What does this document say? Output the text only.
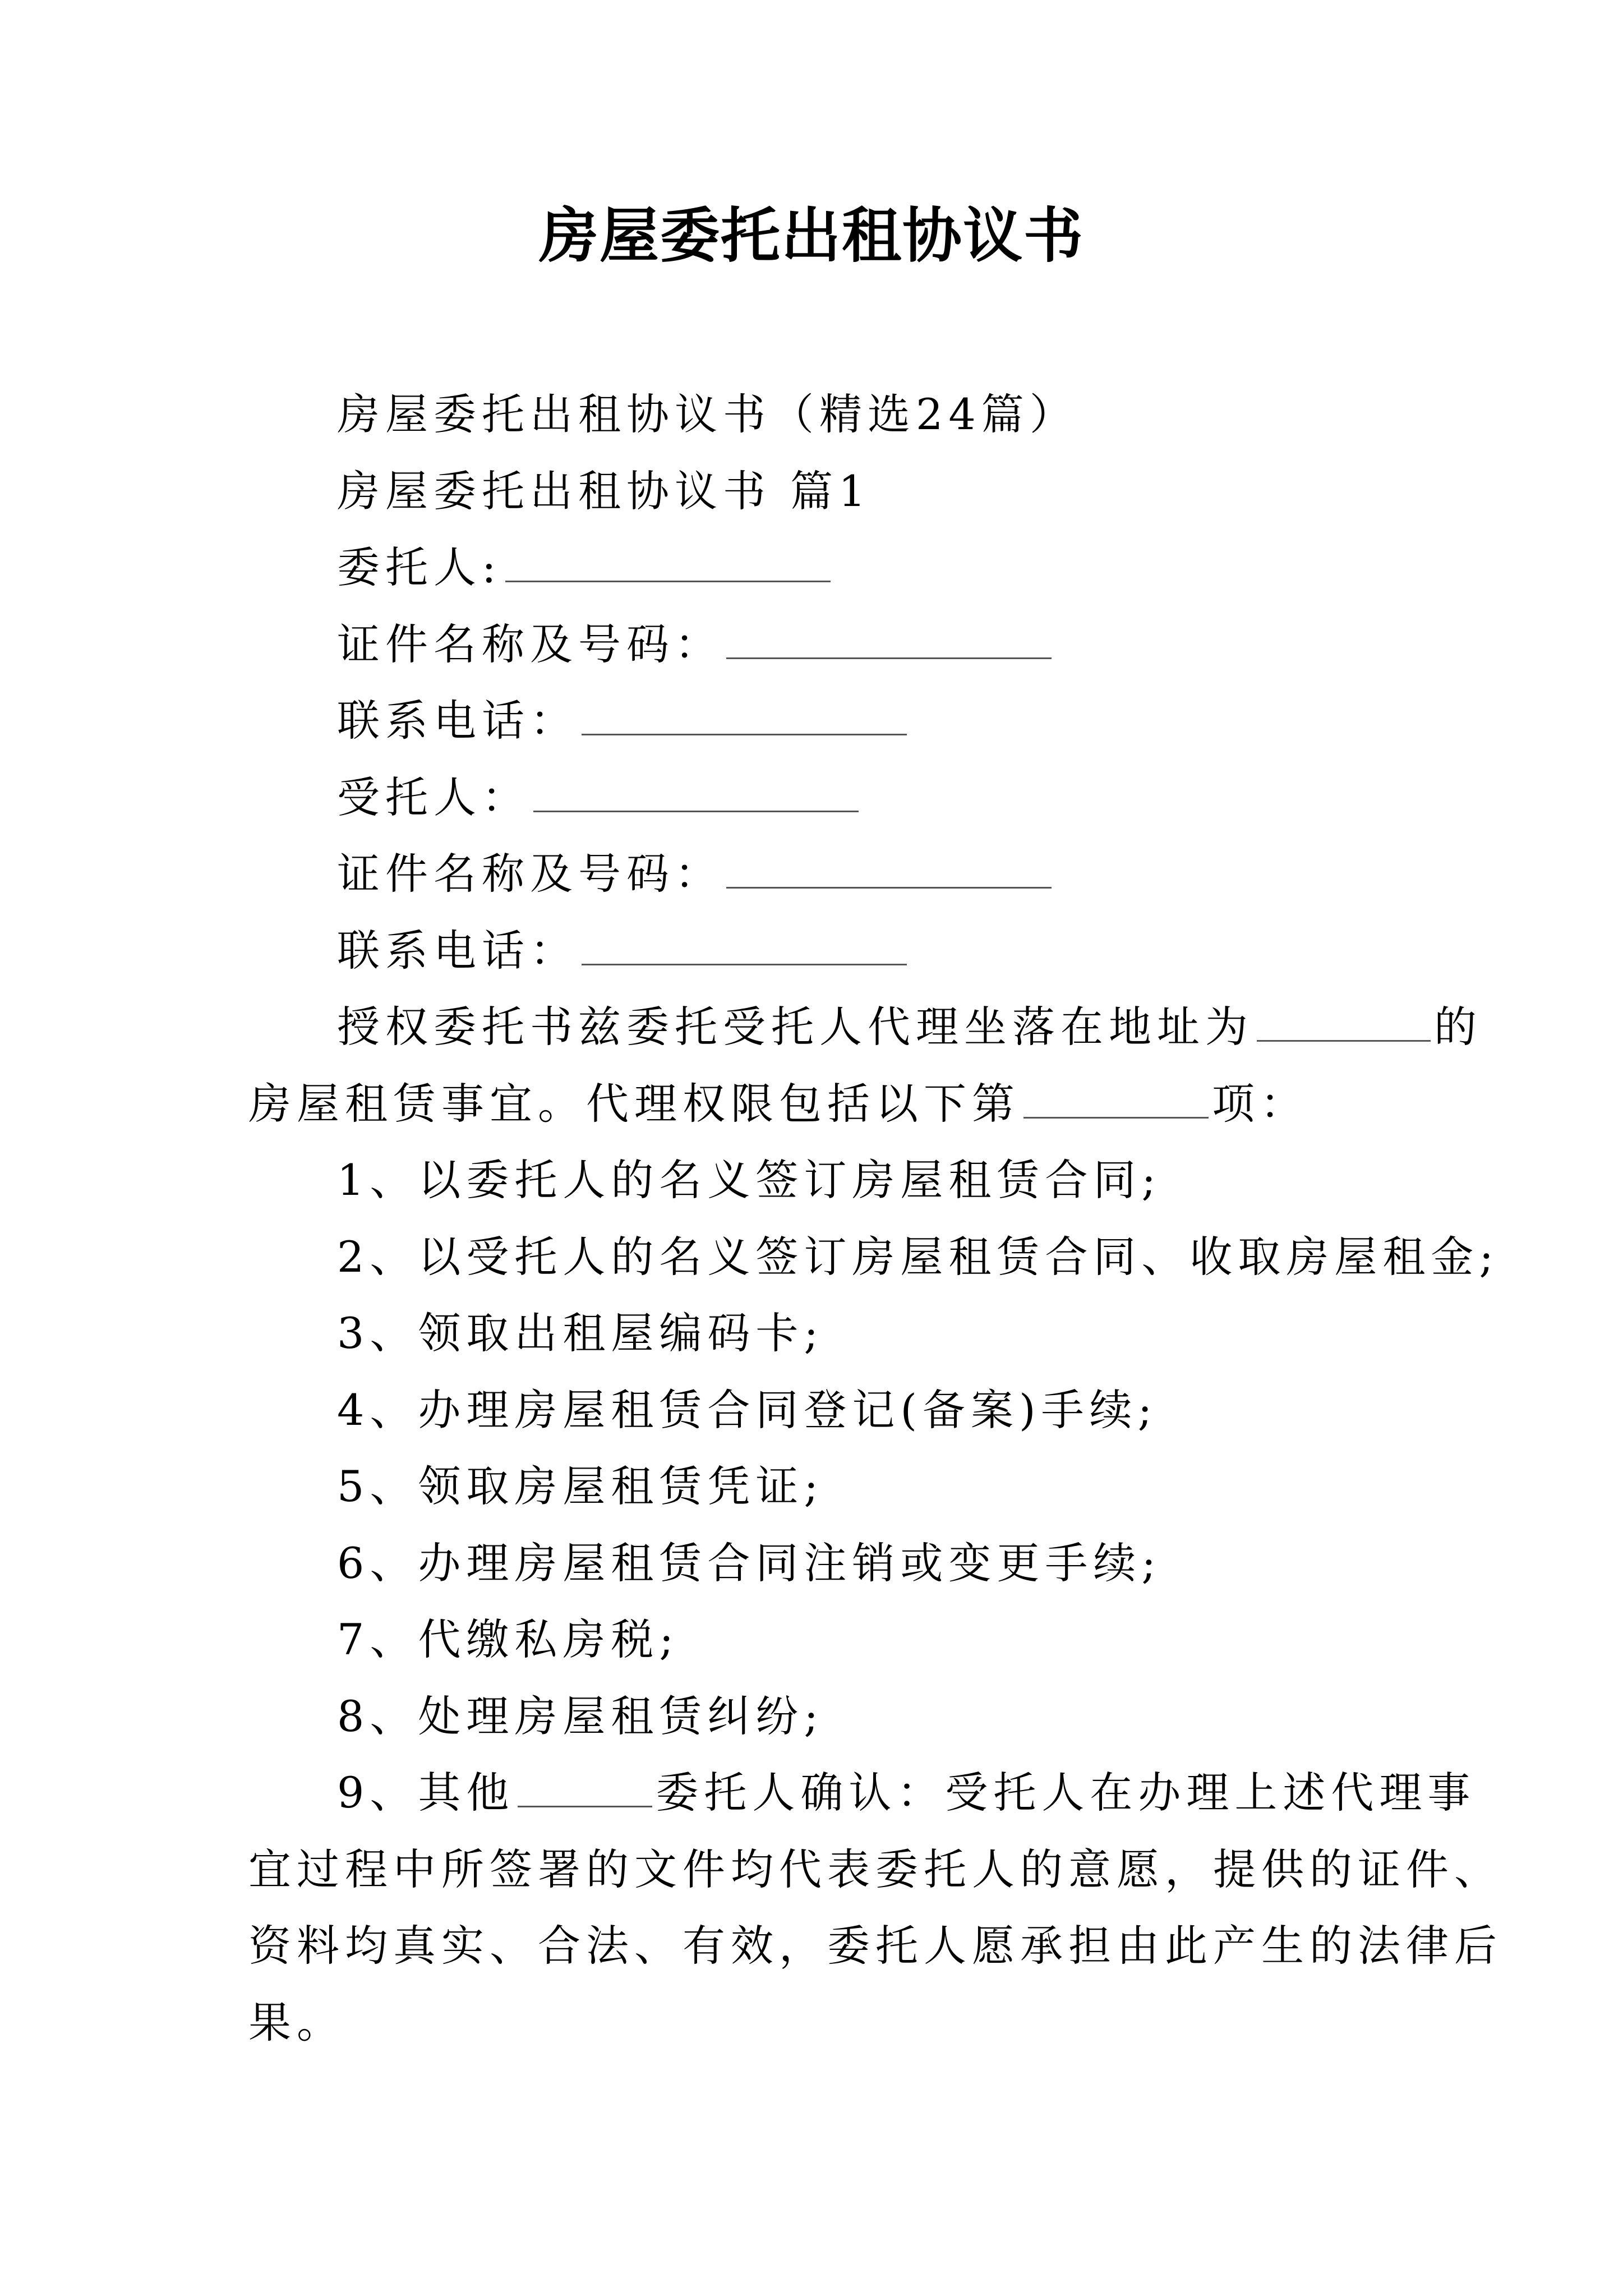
房屋委托出租协议书
房屋委托出租协议书（精选24篇）
房屋委托出租协议书 篇1
委托人:
证件名称及号码：
联系电话：
受托人：
证件名称及号码：
联系电话：
授权委托书兹委托受托人代理坐落在地址为	的
房屋租赁事宜。代理权限包括以下第	项：
1、以委托人的名义签订房屋租赁合同;
2、以受托人的名义签订房屋租赁合同、收取房屋租金;
3、领取出租屋编码卡;
4、办理房屋租赁合同登记(备案)手续;
5、领取房屋租赁凭证;
6、办理房屋租赁合同注销或变更手续;
7、代缴私房税;
8、处理房屋租赁纠纷;
9、其他	委托人确认：受托人在办理上述代理事
宜过程中所签署的文件均代表委托人的意愿，提供的证件、
资料均真实、合法、有效，委托人愿承担由此产生的法律后
果。
